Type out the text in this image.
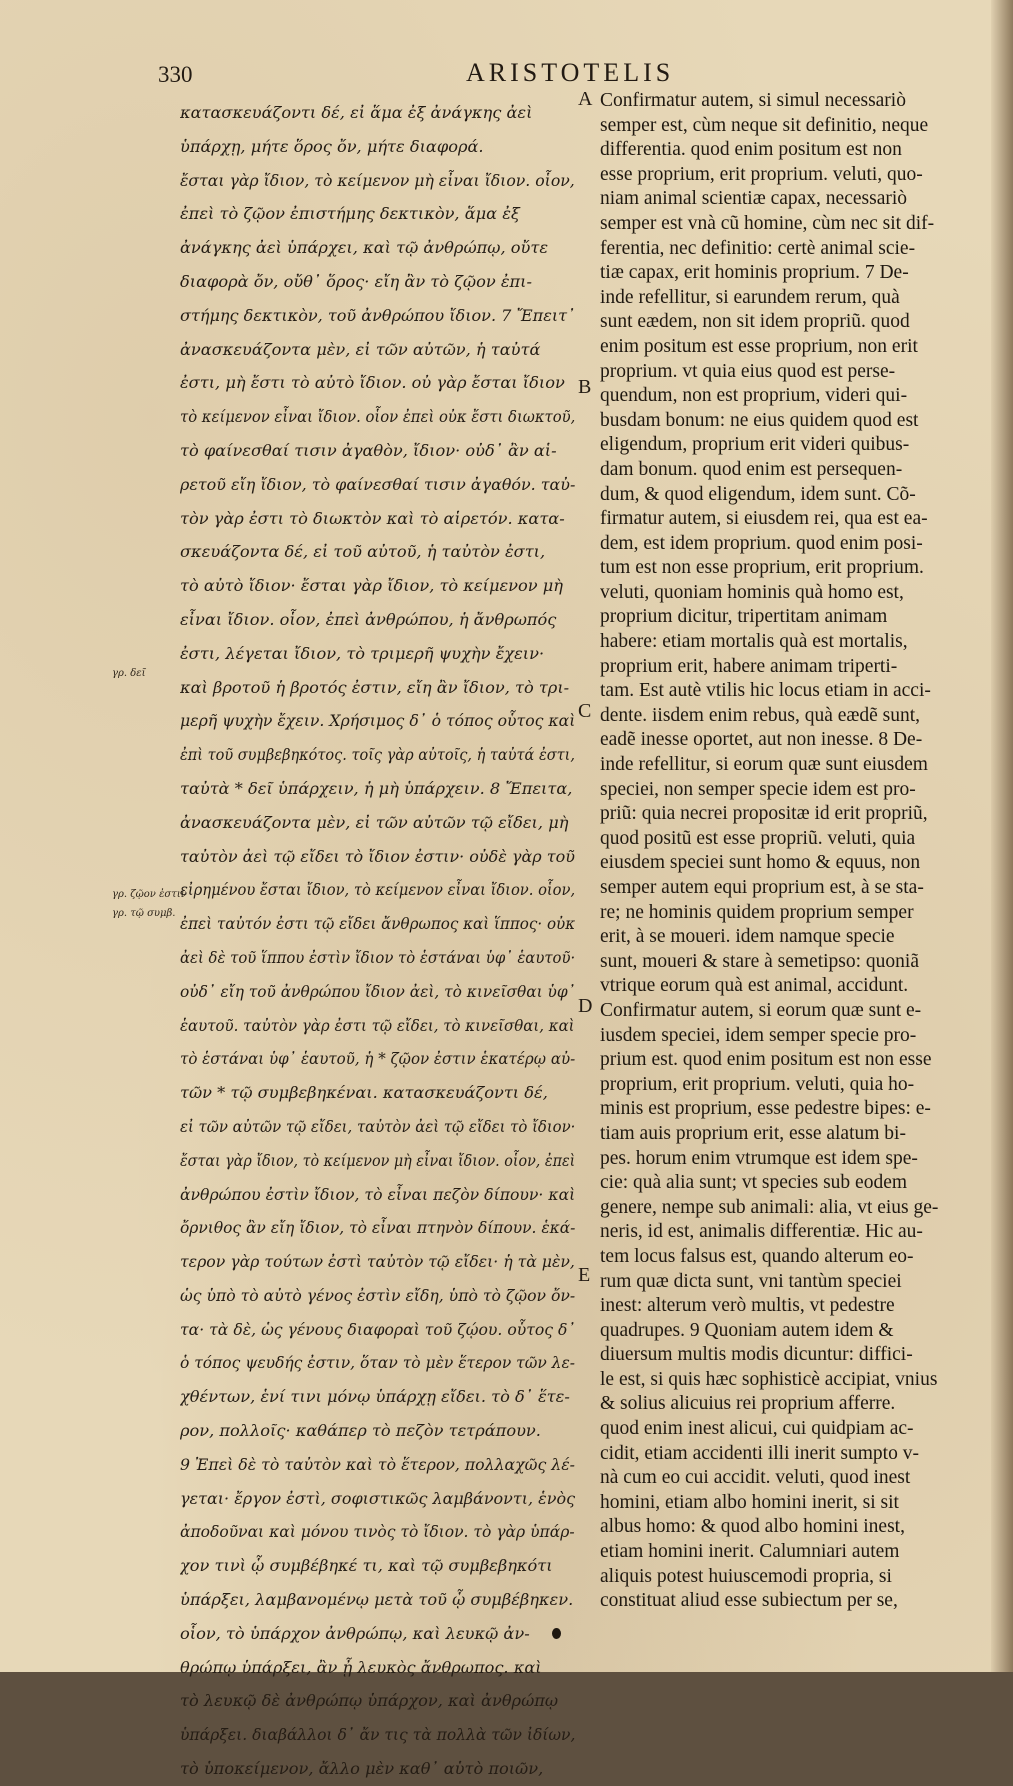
330	ARISTOTELIS
A
B
C
D
E
γρ. δεῖ
γρ. ζῷον ἐστιν
γρ. τῷ συμβ.
κατασκευάζοντι δέ, εἰ ἅμα ἐξ ἀνάγκης ἀεὶ
ὑπάρχῃ, μήτε ὅρος ὄν, μήτε διαφορά.
ἔσται γὰρ ἴδιον, τὸ κείμενον μὴ εἶναι ἴδιον. οἷον,
ἐπεὶ τὸ ζῷον ἐπιστήμης δεκτικὸν, ἅμα ἐξ
ἀνάγκης ἀεὶ ὑπάρχει, καὶ τῷ ἀνθρώπῳ, οὔτε
διαφορὰ ὄν, οὔθ᾽ ὅρος· εἴη ἂν τὸ ζῷον ἐπι-
στήμης δεκτικὸν, τοῦ ἀνθρώπου ἴδιον. 7 Ἔπειτ᾽
ἀνασκευάζοντα μὲν, εἰ τῶν αὐτῶν, ἡ ταὐτά
ἐστι, μὴ ἔστι τὸ αὐτὸ ἴδιον. οὐ γὰρ ἔσται ἴδιον
τὸ κείμενον εἶναι ἴδιον. οἷον ἐπεὶ οὐκ ἔστι διωκτοῦ,
τὸ φαίνεσθαί τισιν ἀγαθὸν, ἴδιον· οὐδ᾽ ἂν αἱ-
ρετοῦ εἴη ἴδιον, τὸ φαίνεσθαί τισιν ἀγαθόν. ταὐ-
τὸν γὰρ ἐστι τὸ διωκτὸν καὶ τὸ αἱρετόν. κατα-
σκευάζοντα δέ, εἰ τοῦ αὐτοῦ, ἡ ταὐτὸν ἐστι,
τὸ αὐτὸ ἴδιον· ἔσται γὰρ ἴδιον, τὸ κείμενον μὴ
εἶναι ἴδιον. οἷον, ἐπεὶ ἀνθρώπου, ἡ ἄνθρωπός
ἐστι, λέγεται ἴδιον, τὸ τριμερῆ ψυχὴν ἔχειν·
καὶ βροτοῦ ἡ βροτός ἐστιν, εἴη ἂν ἴδιον, τὸ τρι-
μερῆ ψυχὴν ἔχειν. Χρήσιμος δ᾽ ὁ τόπος οὗτος καὶ
ἐπὶ τοῦ συμβεβηκότος. τοῖς γὰρ αὐτοῖς, ἡ ταὐτά ἐστι,
ταὐτὰ * δεῖ ὑπάρχειν, ἡ μὴ ὑπάρχειν. 8 Ἔπειτα,
ἀνασκευάζοντα μὲν, εἰ τῶν αὐτῶν τῷ εἴδει, μὴ
ταὐτὸν ἀεὶ τῷ εἴδει τὸ ἴδιον ἐστιν· οὐδὲ γὰρ τοῦ
εἰρημένου ἔσται ἴδιον, τὸ κείμενον εἶναι ἴδιον. οἷον,
ἐπεὶ ταὐτόν ἐστι τῷ εἴδει ἄνθρωπος καὶ ἵππος· οὐκ
ἀεὶ δὲ τοῦ ἵππου ἐστὶν ἴδιον τὸ ἑστάναι ὑφ᾽ ἑαυτοῦ·
οὐδ᾽ εἴη τοῦ ἀνθρώπου ἴδιον ἀεὶ, τὸ κινεῖσθαι ὑφ᾽
ἑαυτοῦ. ταὐτὸν γὰρ ἐστι τῷ εἴδει, τὸ κινεῖσθαι, καὶ
τὸ ἑστάναι ὑφ᾽ ἑαυτοῦ, ἡ * ζῷον ἐστιν ἑκατέρῳ αὐ-
τῶν * τῷ συμβεβηκέναι. κατασκευάζοντι δέ,
εἰ τῶν αὐτῶν τῷ εἴδει, ταὐτὸν ἀεὶ τῷ εἴδει τὸ ἴδιον·
ἔσται γὰρ ἴδιον, τὸ κείμενον μὴ εἶναι ἴδιον. οἷον, ἐπεὶ
ἀνθρώπου ἐστὶν ἴδιον, τὸ εἶναι πεζὸν δίπουν· καὶ
ὄρνιθος ἂν εἴη ἴδιον, τὸ εἶναι πτηνὸν δίπουν. ἑκά-
τερον γὰρ τούτων ἐστὶ ταὐτὸν τῷ εἴδει· ἡ τὰ μὲν,
ὡς ὑπὸ τὸ αὐτὸ γένος ἐστὶν εἴδη, ὑπὸ τὸ ζῷον ὄν-
τα· τὰ δὲ, ὡς γένους διαφοραὶ τοῦ ζῴου. οὗτος δ᾽
ὁ τόπος ψευδής ἐστιν, ὅταν τὸ μὲν ἕτερον τῶν λε-
χθέντων, ἑνί τινι μόνῳ ὑπάρχῃ εἴδει. τὸ δ᾽ ἕτε-
ρον, πολλοῖς· καθάπερ τὸ πεζὸν τετράπουν.
9 Ἐπεὶ δὲ τὸ ταὐτὸν καὶ τὸ ἕτερον, πολλαχῶς λέ-
γεται· ἔργον ἐστὶ, σοφιστικῶς λαμβάνοντι, ἑνὸς
ἀποδοῦναι καὶ μόνου τινὸς τὸ ἴδιον. τὸ γὰρ ὑπάρ-
χον τινὶ ᾧ συμβέβηκέ τι, καὶ τῷ συμβεβηκότι
ὑπάρξει, λαμβανομένῳ μετὰ τοῦ ᾧ συμβέβηκεν.
οἷον, τὸ ὑπάρχον ἀνθρώπῳ, καὶ λευκῷ ἀν-
θρώπῳ ὑπάρξει, ἂν ᾖ λευκὸς ἄνθρωπος. καὶ
τὸ λευκῷ δὲ ἀνθρώπῳ ὑπάρχον, καὶ ἀνθρώπῳ
ὑπάρξει. διαβάλλοι δ᾽ ἄν τις τὰ πολλὰ τῶν ἰδίων,
τὸ ὑποκείμενον, ἄλλο μὲν καθ᾽ αὑτὸ ποιῶν,
Confirmatur autem, si simul necessariò
semper est, cùm neque sit definitio, neque
differentia. quod enim positum est non
esse proprium, erit proprium. veluti, quo-
niam animal scientiæ capax, necessariò
semper est vnà cũ homine, cùm nec sit dif-
ferentia, nec definitio: certè animal scie-
tiæ capax, erit hominis proprium. 7 De-
inde refellitur, si earundem rerum, quà
sunt eædem, non sit idem propriũ. quod
enim positum est esse proprium, non erit
proprium. vt quia eius quod est perse-
quendum, non est proprium, videri qui-
busdam bonum: ne eius quidem quod est
eligendum, proprium erit videri quibus-
dam bonum. quod enim est persequen-
dum, & quod eligendum, idem sunt. Cõ-
firmatur autem, si eiusdem rei, qua est ea-
dem, est idem proprium. quod enim posi-
tum est non esse proprium, erit proprium.
veluti, quoniam hominis quà homo est,
proprium dicitur, tripertitam animam
habere: etiam mortalis quà est mortalis,
proprium erit, habere animam triperti-
tam. Est autè vtilis hic locus etiam in acci-
dente. iisdem enim rebus, quà eædẽ sunt,
eadẽ inesse oportet, aut non inesse. 8 De-
inde refellitur, si eorum quæ sunt eiusdem
speciei, non semper specie idem est pro-
priũ: quia necrei propositæ id erit propriũ,
quod positũ est esse propriũ. veluti, quia
eiusdem speciei sunt homo & equus, non
semper autem equi proprium est, à se sta-
re; ne hominis quidem proprium semper
erit, à se moueri. idem namque specie
sunt, moueri & stare à semetipso: quoniã
vtrique eorum quà est animal, accidunt.
Confirmatur autem, si eorum quæ sunt e-
iusdem speciei, idem semper specie pro-
prium est. quod enim positum est non esse
proprium, erit proprium. veluti, quia ho-
minis est proprium, esse pedestre bipes: e-
tiam auis proprium erit, esse alatum bi-
pes. horum enim vtrumque est idem spe-
cie: quà alia sunt; vt species sub eodem
genere, nempe sub animali: alia, vt eius ge-
neris, id est, animalis differentiæ. Hic au-
tem locus falsus est, quando alterum eo-
rum quæ dicta sunt, vni tantùm speciei
inest: alterum verò multis, vt pedestre
quadrupes. 9 Quoniam autem idem &
diuersum multis modis dicuntur: diffici-
le est, si quis hæc sophisticè accipiat, vnius
& solius alicuius rei proprium afferre.
quod enim inest alicui, cui quidpiam ac-
cidit, etiam accidenti illi inerit sumpto v-
nà cum eo cui accidit. veluti, quod inest
homini, etiam albo homini inerit, si sit
albus homo: & quod albo homini inest,
etiam homini inerit. Calumniari autem
aliquis potest huiuscemodi propria, si
constituat aliud esse subiectum per se,
